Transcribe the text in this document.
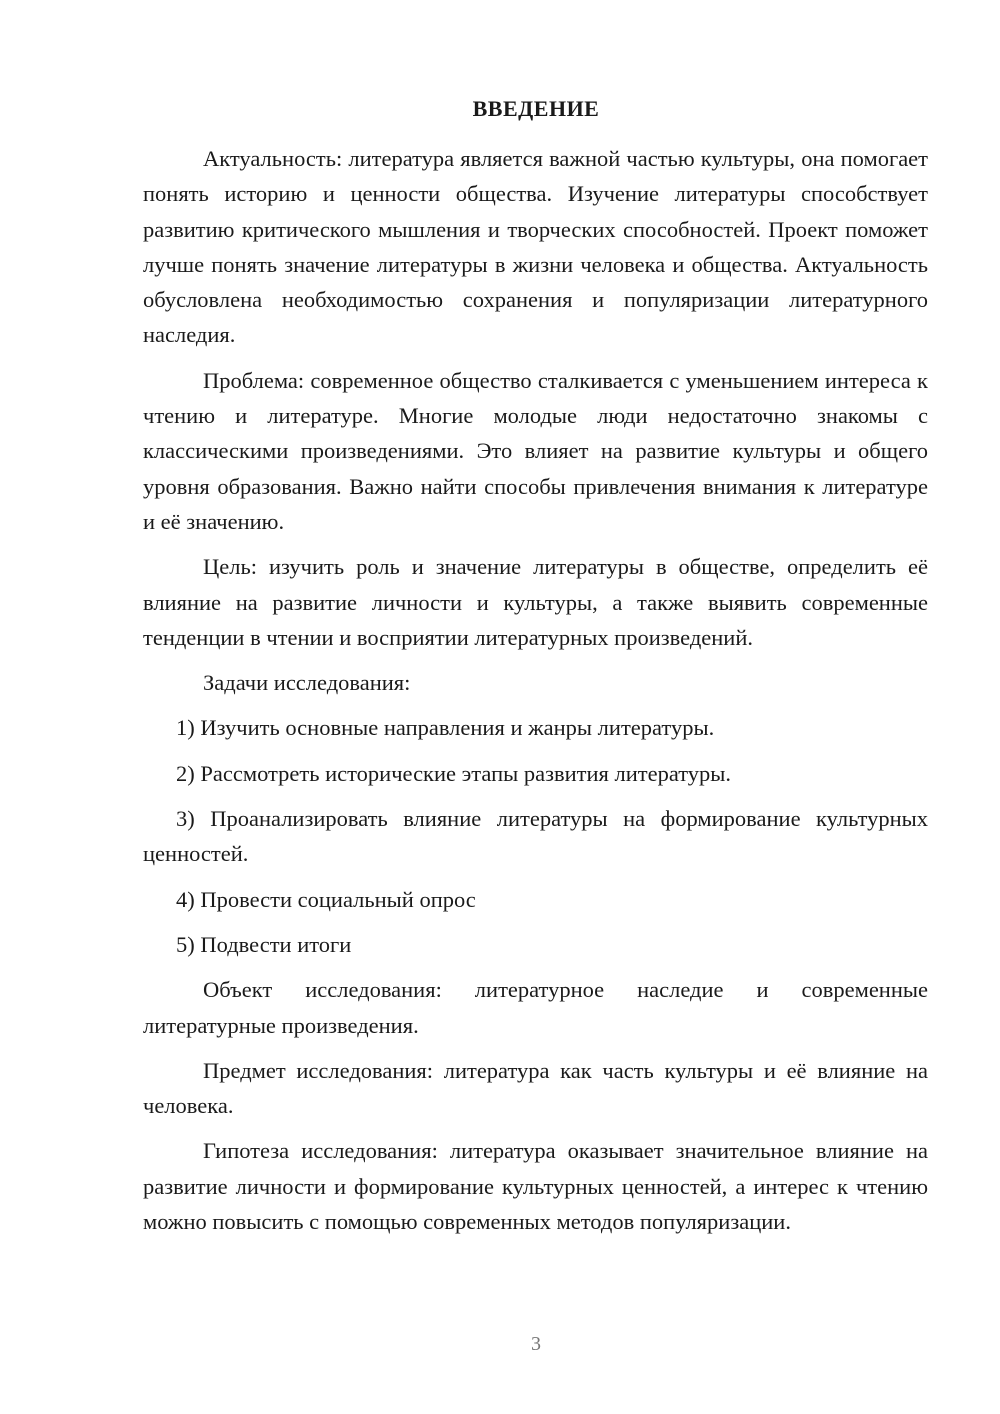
ВВЕДЕНИЕ

Актуальность: литература является важной частью культуры, она помогает понять историю и ценности общества. Изучение литературы способствует развитию критического мышления и творческих способностей. Проект поможет лучше понять значение литературы в жизни человека и общества. Актуальность обусловлена необходимостью сохранения и популяризации литературного наследия.

Проблема: современное общество сталкивается с уменьшением интереса к чтению и литературе. Многие молодые люди недостаточно знакомы с классическими произведениями. Это влияет на развитие культуры и общего уровня образования. Важно найти способы привлечения внимания к литературе и её значению.

Цель: изучить роль и значение литературы в обществе, определить её влияние на развитие личности и культуры, а также выявить современные тенденции в чтении и восприятии литературных произведений.

Задачи исследования:

1) Изучить основные направления и жанры литературы.

2) Рассмотреть исторические этапы развития литературы.

3) Проанализировать влияние литературы на формирование культурных ценностей.

4) Провести социальный опрос

5) Подвести итоги

Объект исследования: литературное наследие и современные литературные произведения.

Предмет исследования: литература как часть культуры и её влияние на человека.

Гипотеза исследования: литература оказывает значительное влияние на развитие личности и формирование культурных ценностей, а интерес к чтению можно повысить с помощью современных методов популяризации.

3
